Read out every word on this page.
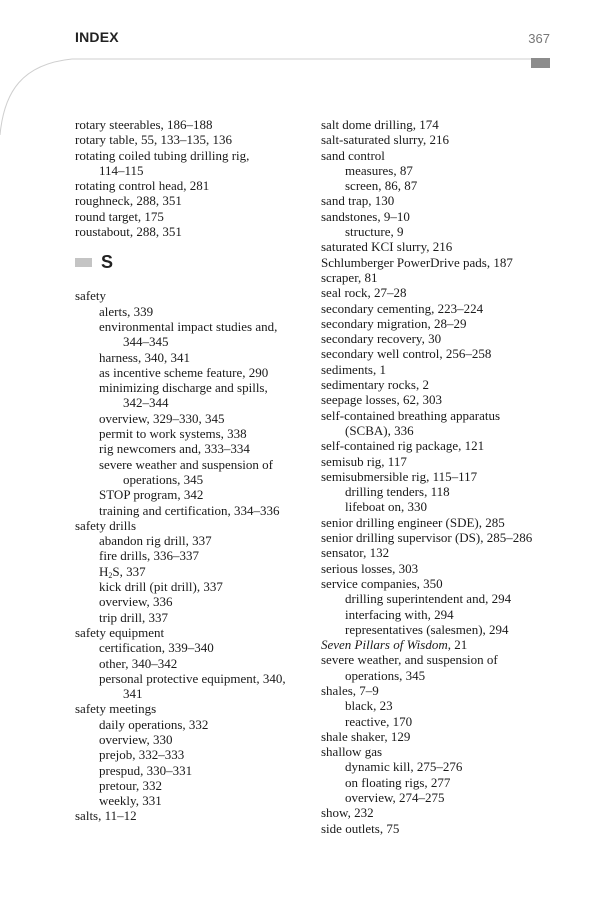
INDEX	367
rotary steerables, 186–188
rotary table, 55, 133–135, 136
rotating coiled tubing drilling rig,
114–115
rotating control head, 281
roughneck, 288, 351
round target, 175
roustabout, 288, 351
S
safety
alerts, 339
environmental impact studies and,
344–345
harness, 340, 341
as incentive scheme feature, 290
minimizing discharge and spills,
342–344
overview, 329–330, 345
permit to work systems, 338
rig newcomers and, 333–334
severe weather and suspension of
operations, 345
STOP program, 342
training and certification, 334–336
safety drills
abandon rig drill, 337
fire drills, 336–337
$H_2S$, 337
kick drill (pit drill), 337
overview, 336
trip drill, 337
safety equipment
certification, 339–340
other, 340–342
personal protective equipment, 340,
341
safety meetings
daily operations, 332
overview, 330
prejob, 332–333
prespud, 330–331
pretour, 332
weekly, 331
salts, 11–12
salt dome drilling, 174
salt-saturated slurry, 216
sand control
measures, 87
screen, 86, 87
sand trap, 130
sandstones, 9–10
structure, 9
saturated KCI slurry, 216
Schlumberger PowerDrive pads, 187
scraper, 81
seal rock, 27–28
secondary cementing, 223–224
secondary migration, 28–29
secondary recovery, 30
secondary well control, 256–258
sediments, 1
sedimentary rocks, 2
seepage losses, 62, 303
self-contained breathing apparatus
(SCBA), 336
self-contained rig package, 121
semisub rig, 117
semisubmersible rig, 115–117
drilling tenders, 118
lifeboat on, 330
senior drilling engineer (SDE), 285
senior drilling supervisor (DS), 285–286
sensator, 132
serious losses, 303
service companies, 350
drilling superintendent and, 294
interfacing with, 294
representatives (salesmen), 294
Seven Pillars of Wisdom, 21
severe weather, and suspension of
operations, 345
shales, 7–9
black, 23
reactive, 170
shale shaker, 129
shallow gas
dynamic kill, 275–276
on floating rigs, 277
overview, 274–275
show, 232
side outlets, 75
